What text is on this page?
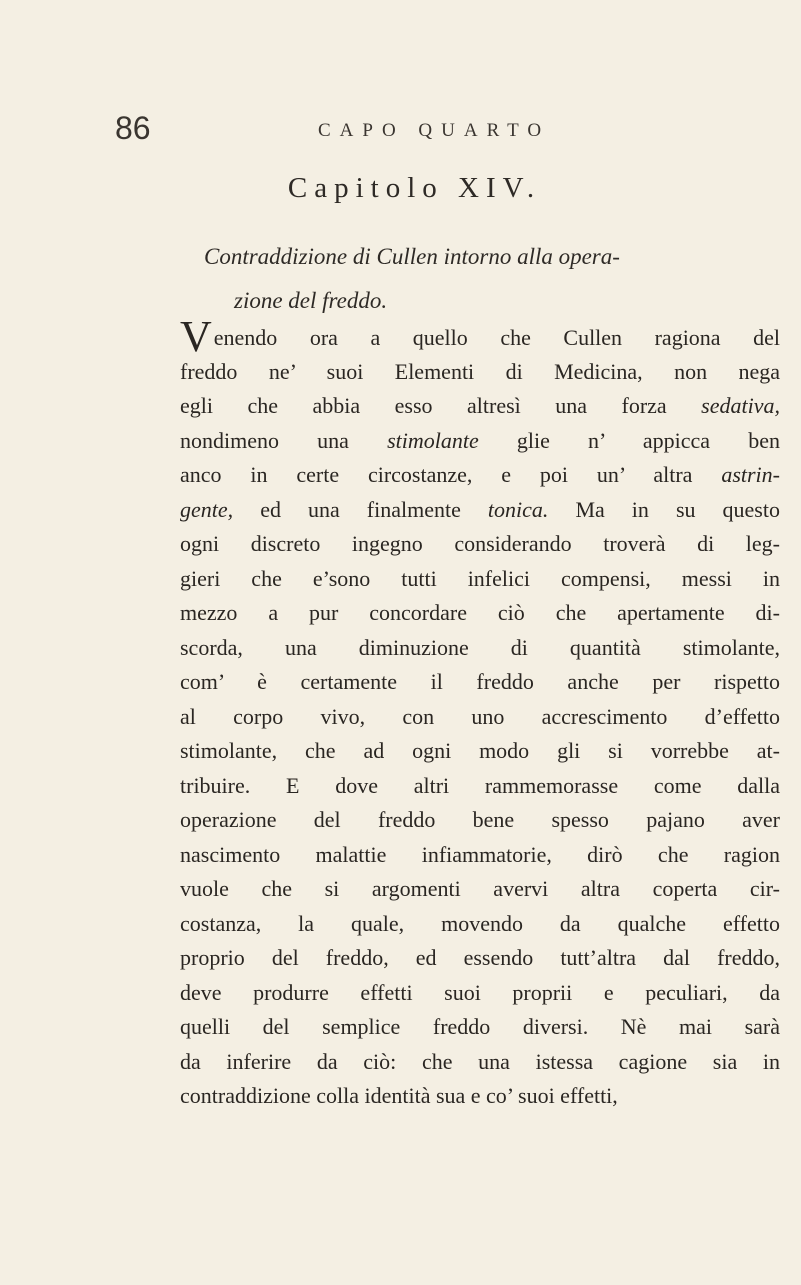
86	CAPO QUARTO
Capitolo XIV.
Contraddizione di Cullen intorno alla opera-
zione del freddo.
Venendo ora a quello che Cullen ragiona del
freddo ne’ suoi Elementi di Medicina, non nega
egli che abbia esso altresì una forza sedativa,
nondimeno una stimolante glie n’ appicca ben
anco in certe circostanze, e poi un’ altra astrin-
gente, ed una finalmente tonica. Ma in su questo
ogni discreto ingegno considerando troverà di leg-
gieri che e’sono tutti infelici compensi, messi in
mezzo a pur concordare ciò che apertamente di-
scorda, una diminuzione di quantità stimolante,
com’ è certamente il freddo anche per rispetto
al corpo vivo, con uno accrescimento d’effetto
stimolante, che ad ogni modo gli si vorrebbe at-
tribuire. E dove altri rammemorasse come dalla
operazione del freddo bene spesso pajano aver
nascimento malattie infiammatorie, dirò che ragion
vuole che si argomenti avervi altra coperta cir-
costanza, la quale, movendo da qualche effetto
proprio del freddo, ed essendo tutt’altra dal freddo,
deve produrre effetti suoi proprii e peculiari, da
quelli del semplice freddo diversi. Nè mai sarà
da inferire da ciò: che una istessa cagione sia in
contraddizione colla identità sua e co’ suoi effetti,
